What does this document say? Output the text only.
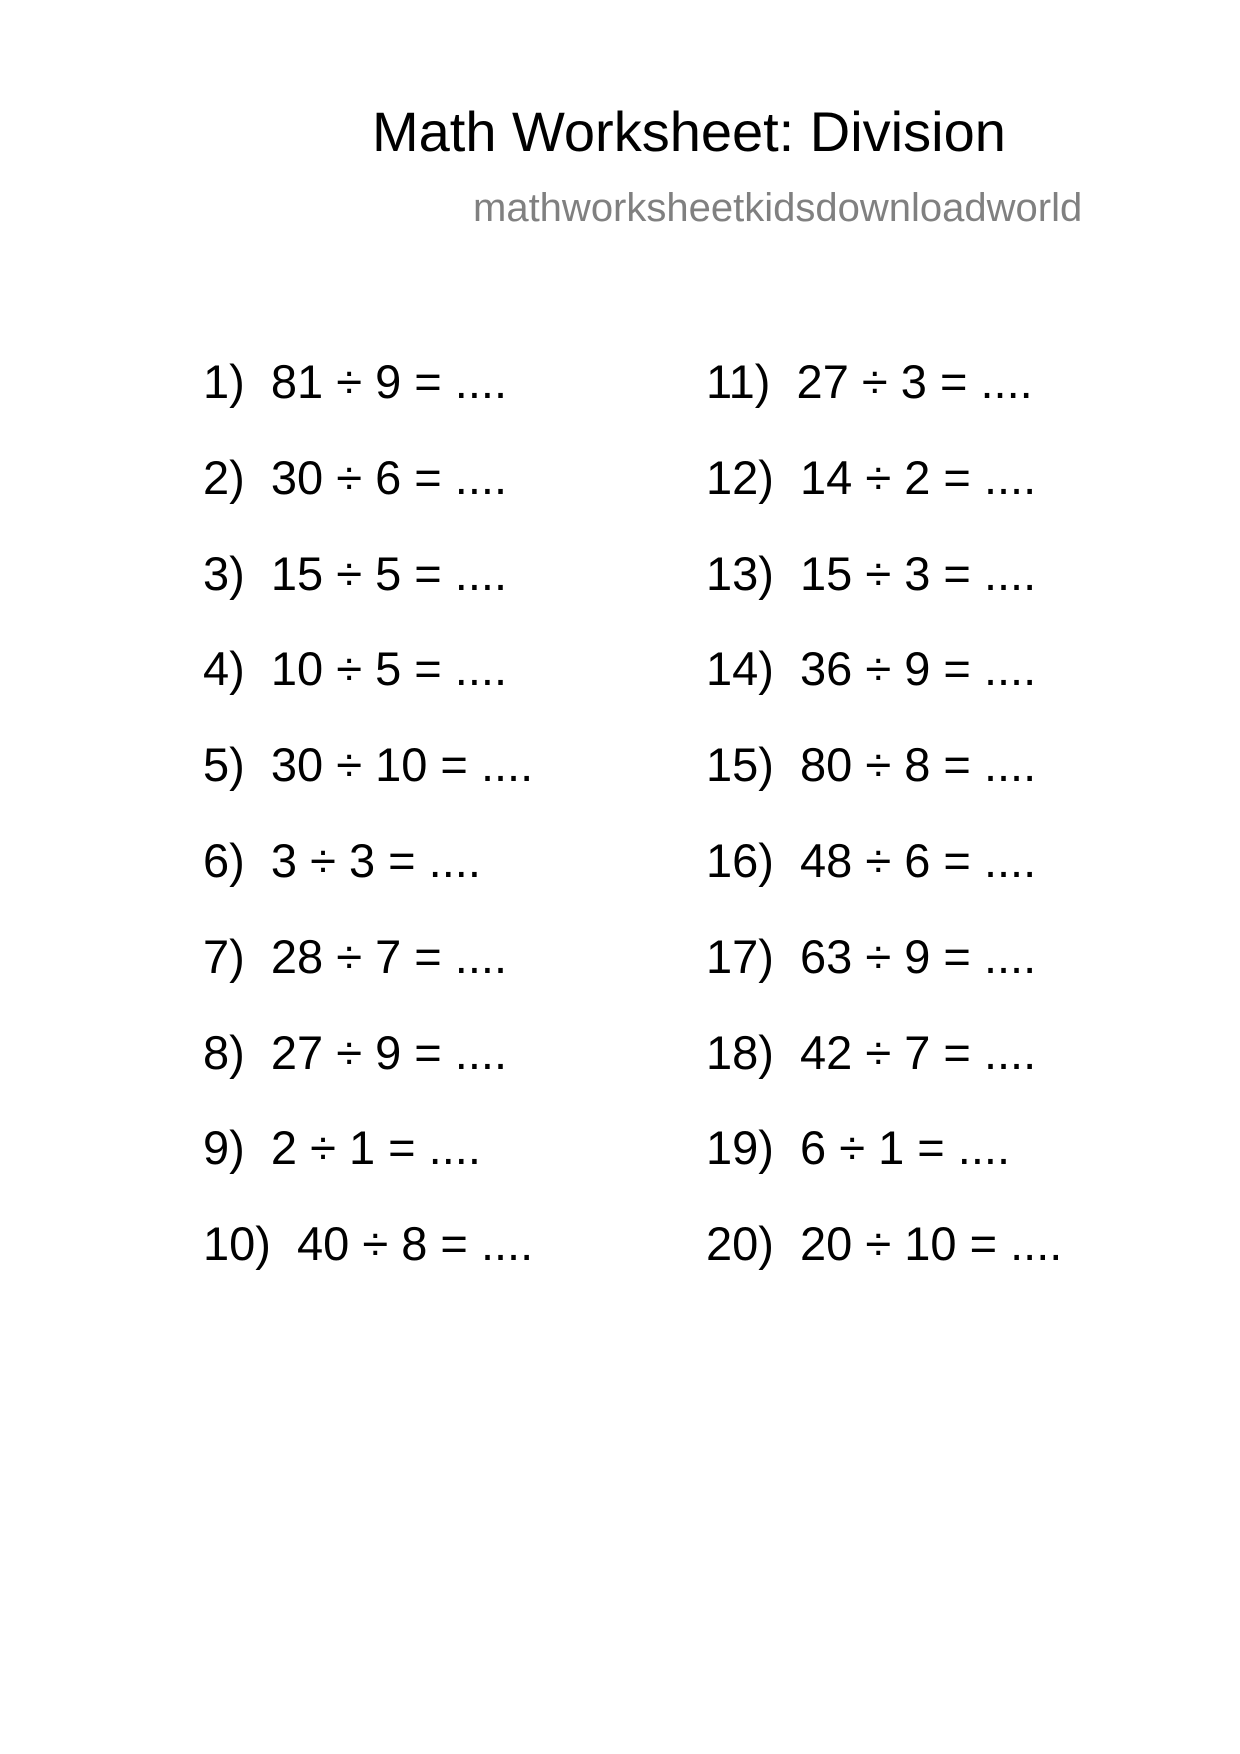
Math Worksheet: Division
mathworksheetkidsdownloadworld
1)  81 ÷ 9 = ....
2)  30 ÷ 6 = ....
3)  15 ÷ 5 = ....
4)  10 ÷ 5 = ....
5)  30 ÷ 10 = ....
6)  3 ÷ 3 = ....
7)  28 ÷ 7 = ....
8)  27 ÷ 9 = ....
9)  2 ÷ 1 = ....
10)  40 ÷ 8 = ....
11)  27 ÷ 3 = ....
12)  14 ÷ 2 = ....
13)  15 ÷ 3 = ....
14)  36 ÷ 9 = ....
15)  80 ÷ 8 = ....
16)  48 ÷ 6 = ....
17)  63 ÷ 9 = ....
18)  42 ÷ 7 = ....
19)  6 ÷ 1 = ....
20)  20 ÷ 10 = ....
